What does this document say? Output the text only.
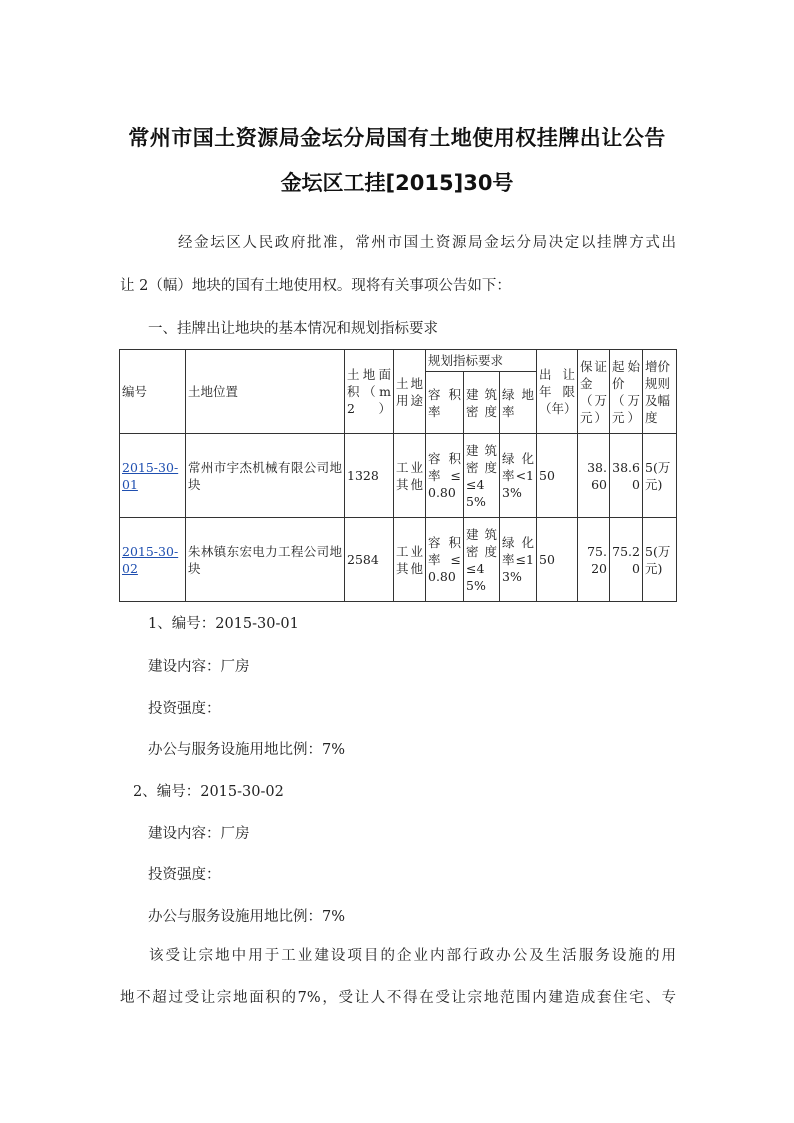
常州市国土资源局金坛分局国有土地使用权挂牌出让公告
金坛区工挂[2015]30号
经金坛区人民政府批准，常州市国土资源局金坛分局决定以挂牌方式出
让 2（幅）地块的国有土地使用权。现将有关事项公告如下：
一、挂牌出让地块的基本情况和规划指标要求
编号	土地位置	土地面积（m2）	土地用途	规划指标要求			出让年限（年）	保证金（万元）	起始价（万元）	增价规则及幅度
				容积率	建筑密度	绿地率				
2015-30-01	常州市宇杰机械有限公司地块	1328	工业其他	容积率≤0.80	建筑密度≤45%	绿化率<13%	50	38.60	38.60	5(万元)
2015-30-02	朱林镇东宏电力工程公司地块	2584	工业其他	容积率≤0.80	建筑密度≤45%	绿化率≤13%	50	75.20	75.20	5(万元)
1、编号：2015-30-01
建设内容：厂房
投资强度：
办公与服务设施用地比例：7%
2、编号：2015-30-02
建设内容：厂房
投资强度：
办公与服务设施用地比例：7%
该受让宗地中用于工业建设项目的企业内部行政办公及生活服务设施的用
地不超过受让宗地面积的7%，受让人不得在受让宗地范围内建造成套住宅、专
